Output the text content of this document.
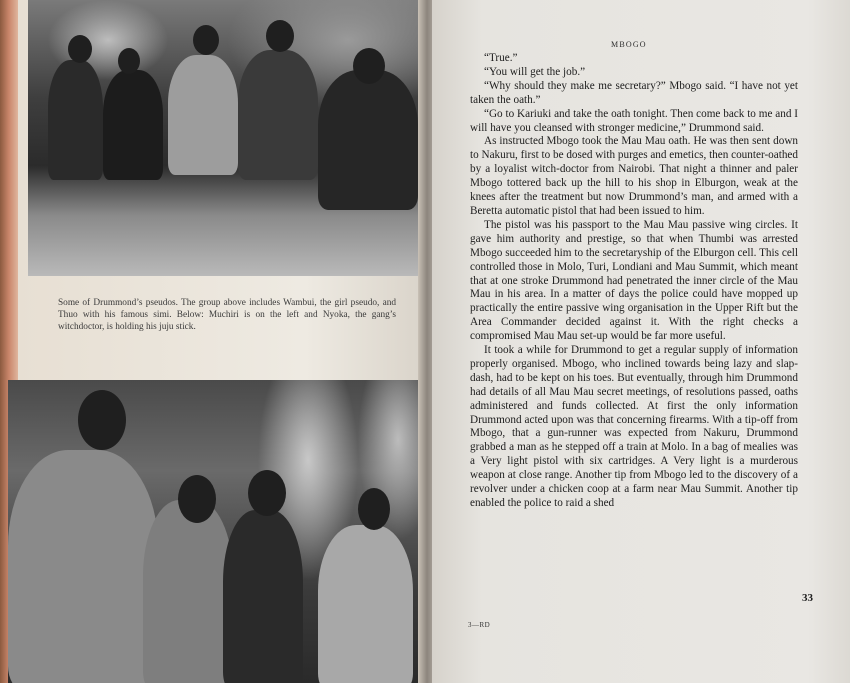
Some of Drummond’s pseudos. The group above includes Wambui, the girl pseudo, and Thuo with his famous simi. Below: Muchiri is on the left and Nyoka, the gang’s witchdoctor, is holding his juju stick.

MBOGO

“True.”

“You will get the job.”

“Why should they make me secretary?” Mbogo said. “I have not yet taken the oath.”

“Go to Kariuki and take the oath tonight. Then come back to me and I will have you cleansed with stronger medicine,” Drummond said.

As instructed Mbogo took the Mau Mau oath. He was then sent down to Nakuru, first to be dosed with purges and emetics, then counter-oathed by a loyalist witch-doctor from Nairobi. That night a thinner and paler Mbogo tottered back up the hill to his shop in Elburgon, weak at the knees after the treatment but now Drummond’s man, and armed with a Beretta automatic pistol that had been issued to him.

The pistol was his passport to the Mau Mau passive wing circles. It gave him authority and prestige, so that when Thumbi was arrested Mbogo succeeded him to the secretaryship of the Elburgon cell. This cell controlled those in Molo, Turi, Londiani and Mau Summit, which meant that at one stroke Drummond had penetrated the inner circle of the Mau Mau in his area. In a matter of days the police could have mopped up practically the entire passive wing organisation in the Upper Rift but the Area Commander decided against it. With the right checks a compromised Mau Mau set-up would be far more useful.

It took a while for Drummond to get a regular supply of information properly organised. Mbogo, who inclined towards being lazy and slap-dash, had to be kept on his toes. But eventually, through him Drummond had details of all Mau Mau secret meetings, of resolutions passed, oaths administered and funds collected. At first the only information Drummond acted upon was that concerning firearms. With a tip-off from Mbogo, that a gun-runner was expected from Nakuru, Drummond grabbed a man as he stepped off a train at Molo. In a bag of mealies was a Very light pistol with six cartridges. A Very light is a murderous weapon at close range. Another tip from Mbogo led to the discovery of a revolver under a chicken coop at a farm near Mau Summit. Another tip enabled the police to raid a shed

33

3—RD
